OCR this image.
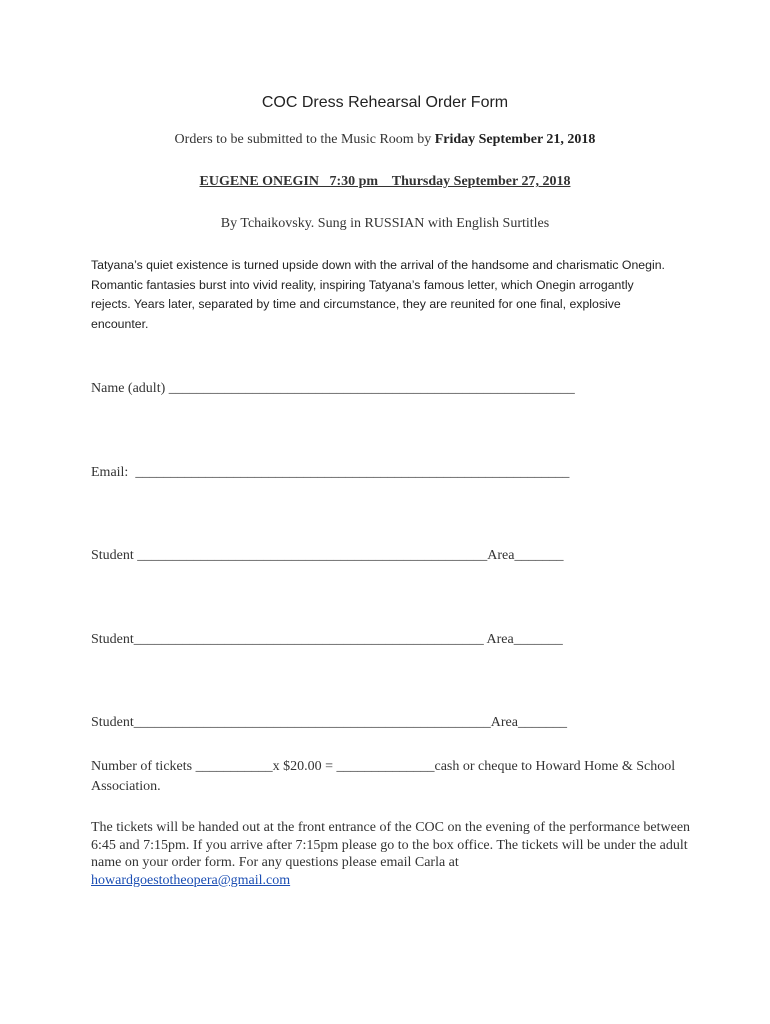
COC Dress Rehearsal Order Form
Orders to be submitted to the Music Room by Friday September 21, 2018
EUGENE ONEGIN   7:30 pm    Thursday September 27, 2018
By Tchaikovsky. Sung in RUSSIAN with English Surtitles
Tatyana’s quiet existence is turned upside down with the arrival of the handsome and charismatic Onegin. Romantic fantasies burst into vivid reality, inspiring Tatyana’s famous letter, which Onegin arrogantly rejects. Years later, separated by time and circumstance, they are reunited for one final, explosive encounter.
Name (adult) __________________________________________________________
Email:  ______________________________________________________________
Student __________________________________________________Area_______
Student__________________________________________________ Area_______
Student___________________________________________________Area_______
Number of tickets ___________x $20.00 = ______________cash or cheque to Howard Home & School Association.
The tickets will be handed out at the front entrance of the COC on the evening of the performance between 6:45 and 7:15pm. If you arrive after 7:15pm please go to the box office. The tickets will be under the adult name on your order form. For any questions please email Carla at
howardgoestotheopera@gmail.com
